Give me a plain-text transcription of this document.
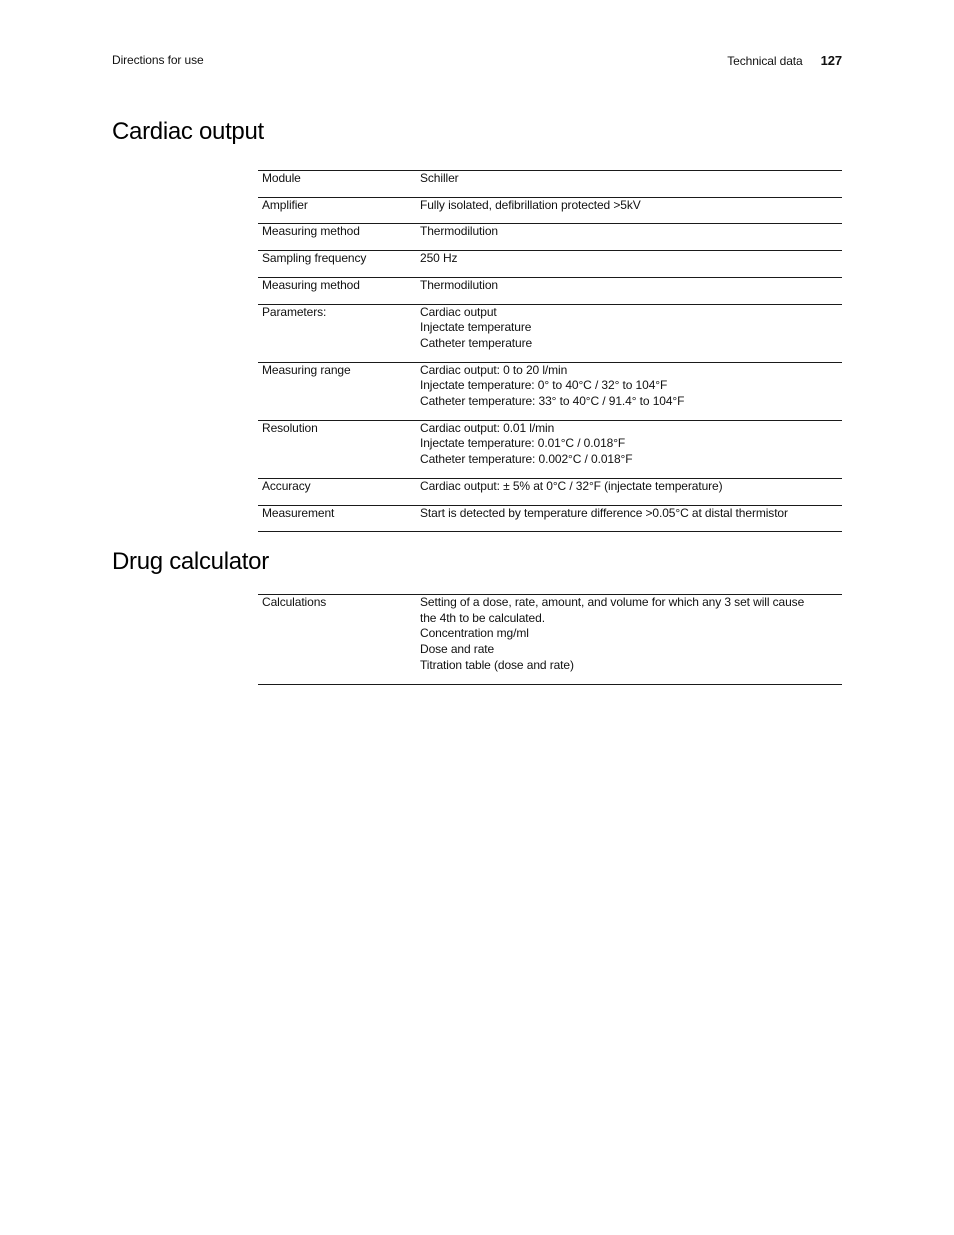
Directions for use	Technical data 127
Cardiac output
Module	Schiller

Amplifier	Fully isolated, defibrillation protected >5kV

Measuring method	Thermodilution

Sampling frequency	250 Hz

Measuring method	Thermodilution

Parameters:	Cardiac output
Injectate temperature
Catheter temperature

Measuring range	Cardiac output: 0 to 20 l/min
Injectate temperature: 0° to 40°C / 32° to 104°F
Catheter temperature: 33° to 40°C / 91.4° to 104°F

Resolution	Cardiac output: 0.01 l/min
Injectate temperature: 0.01°C / 0.018°F
Catheter temperature: 0.002°C / 0.018°F

Accuracy	Cardiac output: ± 5% at 0°C / 32°F (injectate temperature)

Measurement	Start is detected by temperature difference >0.05°C at distal thermistor
Drug calculator
Calculations	Setting of a dose, rate, amount, and volume for which any 3 set will cause
the 4th to be calculated.
Concentration mg/ml
Dose and rate
Titration table (dose and rate)
